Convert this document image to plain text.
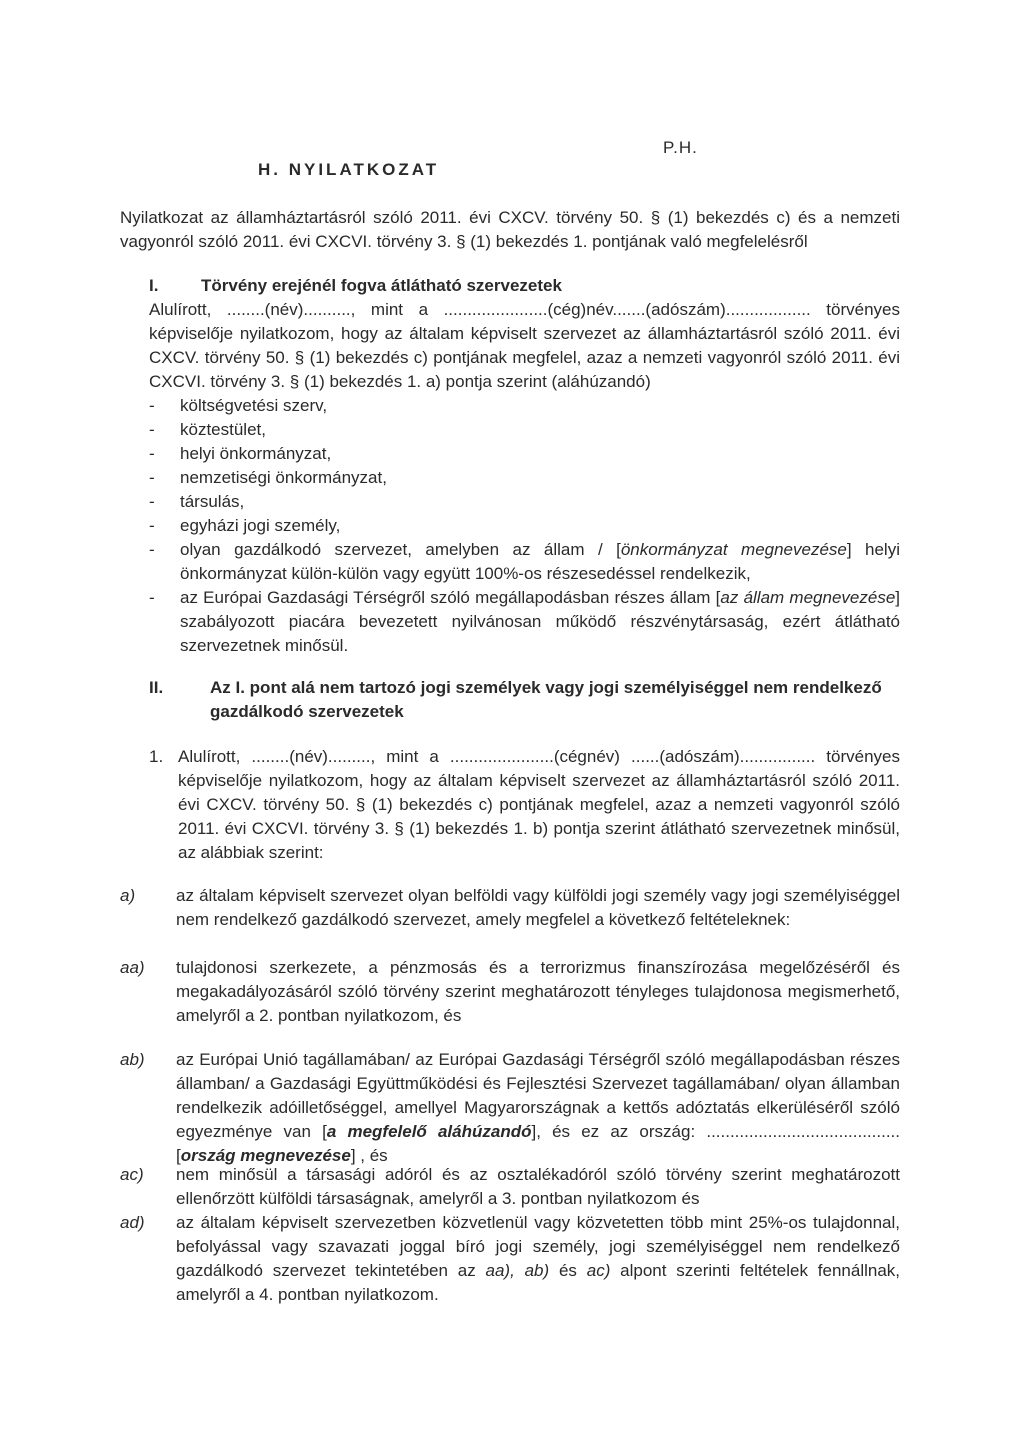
P.H.
H. NYILATKOZAT
Nyilatkozat az államháztartásról szóló 2011. évi CXCV. törvény 50. § (1) bekezdés c) és a nemzeti vagyonról szóló 2011. évi CXCVI. törvény 3. § (1) bekezdés 1. pontjának való megfelelésről
I.	Törvény erejénél fogva átlátható szervezetek
Alulírott, ........(név).........., mint a ......................(cég)név.......(adószám).................. törvényes képviselője nyilatkozom, hogy az általam képviselt szervezet az államháztartásról szóló 2011. évi CXCV. törvény 50. § (1) bekezdés c) pontjának megfelel, azaz a nemzeti vagyonról szóló 2011. évi CXCVI. törvény 3. § (1) bekezdés 1. a) pontja szerint (aláhúzandó)
- költségvetési szerv,
- köztestület,
- helyi önkormányzat,
- nemzetiségi önkormányzat,
- társulás,
- egyházi jogi személy,
- olyan gazdálkodó szervezet, amelyben az állam / [önkormányzat megnevezése] helyi önkormányzat külön-külön vagy együtt 100%-os részesedéssel rendelkezik,
- az Európai Gazdasági Térségről szóló megállapodásban részes állam [az állam megnevezése] szabályozott piacára bevezetett nyilvánosan működő részvénytársaság, ezért átlátható szervezetnek minősül.
II.	Az I. pont alá nem tartozó jogi személyek vagy jogi személyiséggel nem rendelkező gazdálkodó szervezetek
1. Alulírott, ........(név)........., mint a ......................(cégnév) ......(adószám)................ törvényes képviselője nyilatkozom, hogy az általam képviselt szervezet az államháztartásról szóló 2011. évi CXCV. törvény 50. § (1) bekezdés c) pontjának megfelel, azaz a nemzeti vagyonról szóló 2011. évi CXCVI. törvény 3. § (1) bekezdés 1. b) pontja szerint átlátható szervezetnek minősül, az alábbiak szerint:
a) az általam képviselt szervezet olyan belföldi vagy külföldi jogi személy vagy jogi személyiséggel nem rendelkező gazdálkodó szervezet, amely megfelel a következő feltételeknek:
aa) tulajdonosi szerkezete, a pénzmosás és a terrorizmus finanszírozása megelőzéséről és megakadályozásáról szóló törvény szerint meghatározott tényleges tulajdonosa megismerhető, amelyről a 2. pontban nyilatkozom, és
ab) az Európai Unió tagállamában/ az Európai Gazdasági Térségről szóló megállapodásban részes államban/ a Gazdasági Együttműködési és Fejlesztési Szervezet tagállamában/ olyan államban rendelkezik adóilletőséggel, amellyel Magyarországnak a kettős adóztatás elkerüléséről szóló egyezménye van [a megfelelő aláhúzandó], és ez az ország: ......................................... [ország megnevezése] , és
ac) nem minősül a társasági adóról és az osztalékadóról szóló törvény szerint meghatározott ellenőrzött külföldi társaságnak, amelyről a 3. pontban nyilatkozom és
ad) az általam képviselt szervezetben közvetlenül vagy közvetetten több mint 25%-os tulajdonnal, befolyással vagy szavazati joggal bíró jogi személy, jogi személyiséggel nem rendelkező gazdálkodó szervezet tekintetében az aa), ab) és ac) alpont szerinti feltételek fennállnak, amelyről a 4. pontban nyilatkozom.
